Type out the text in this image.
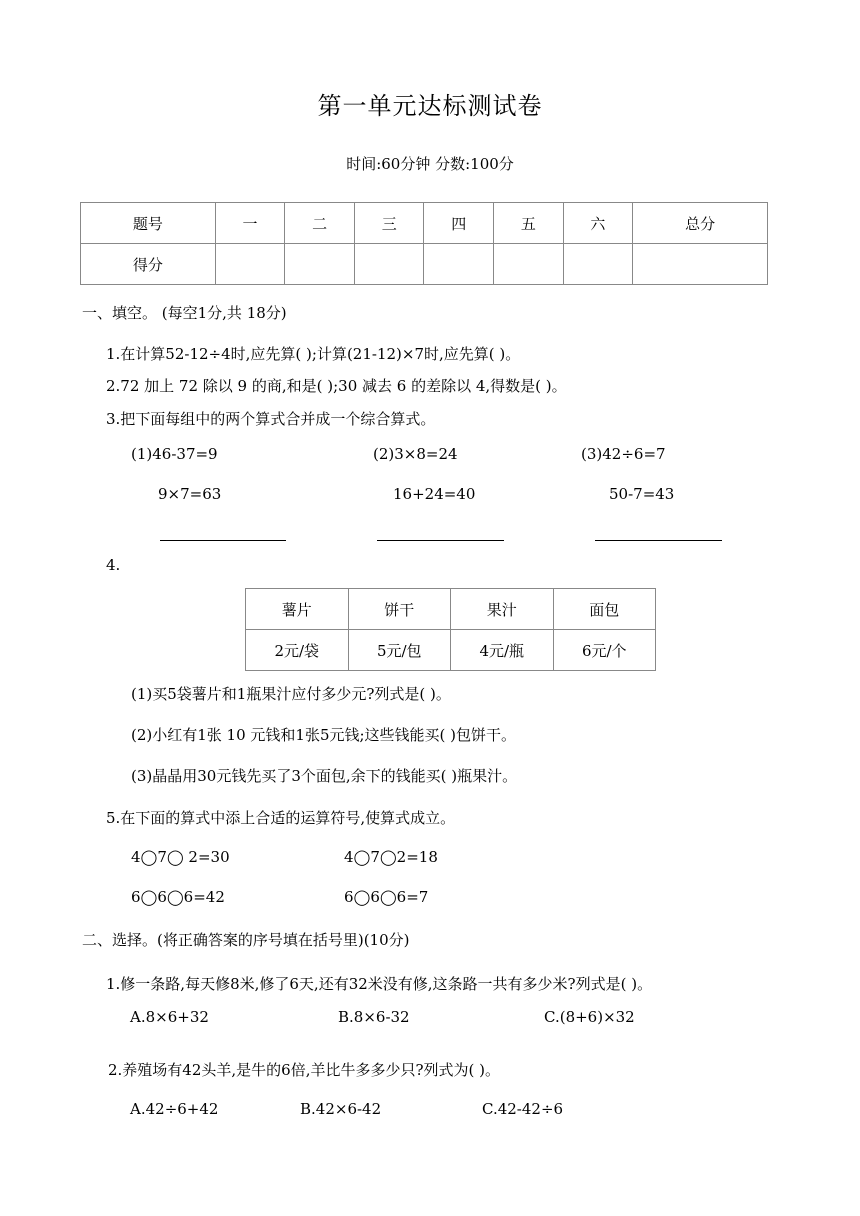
第一单元达标测试卷
时间:60分钟 分数:100分
题号	一	二	三	四	五	六	总分
得分							
一、填空。 (每空1分,共 18分)
1.在计算52-12÷4时,应先算( );计算(21-12)×7时,应先算( )。
2.72 加上 72 除以 9 的商,和是( );30 减去 6 的差除以 4,得数是( )。
3.把下面每组中的两个算式合并成一个综合算式。
(1)46-37=9
9×7=63
(2)3×8=24
16+24=40
(3)42÷6=7
50-7=43
4.
薯片	饼干	果汁	面包
2元/袋	5元/包	4元/瓶	6元/个
(1)买5袋薯片和1瓶果汁应付多少元?列式是( )。
(2)小红有1张 10 元钱和1张5元钱;这些钱能买( )包饼干。
(3)晶晶用30元钱先买了3个面包,余下的钱能买( )瓶果汁。
5.在下面的算式中添上合适的运算符号,使算式成立。
4◯7◯ 2=30	4◯7◯2=18
6◯6◯6=42	6◯6◯6=7
二、选择。(将正确答案的序号填在括号里)(10分)
1.修一条路,每天修8米,修了6天,还有32米没有修,这条路一共有多少米?列式是( )。
A.8×6+32	B.8×6-32	C.(8+6)×32
2.养殖场有42头羊,是牛的6倍,羊比牛多多少只?列式为( )。
A.42÷6+42	B.42×6-42	C.42-42÷6
